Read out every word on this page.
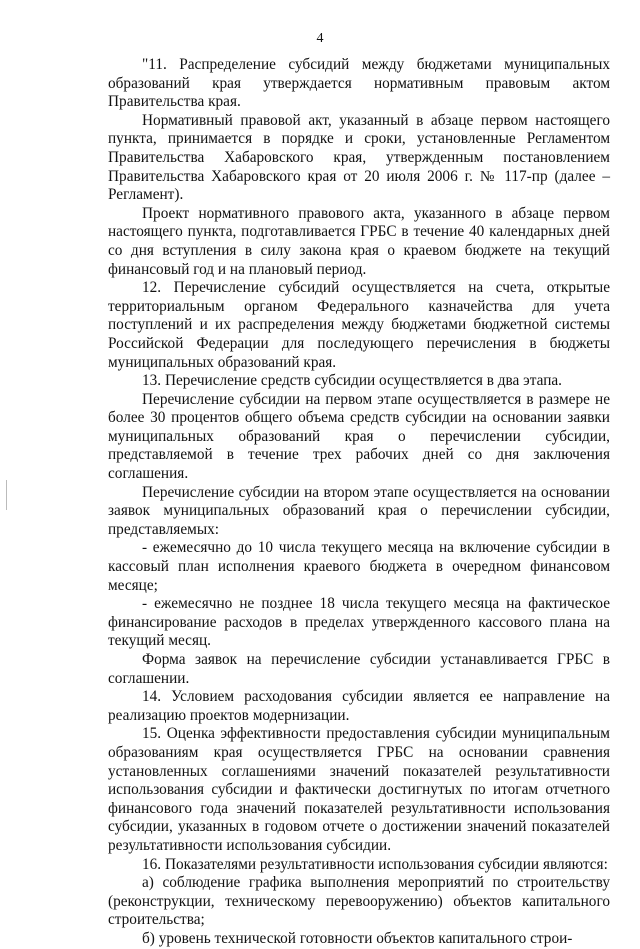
4

"11. Распределение субсидий между бюджетами муниципальных образований края утверждается нормативным правовым актом Правительства края.

Нормативный правовой акт, указанный в абзаце первом настоящего пункта, принимается в порядке и сроки, установленные Регламентом Правительства Хабаровского края, утвержденным постановлением Правительства Хабаровского края от 20 июля 2006 г. № 117-пр (далее – Регламент).

Проект нормативного правового акта, указанного в абзаце первом настоящего пункта, подготавливается ГРБС в течение 40 календарных дней со дня вступления в силу закона края о краевом бюджете на текущий финансовый год и на плановый период.

12. Перечисление субсидий осуществляется на счета, открытые территориальным органом Федерального казначейства для учета поступлений и их распределения между бюджетами бюджетной системы Российской Федерации для последующего перечисления в бюджеты муниципальных образований края.

13. Перечисление средств субсидии осуществляется в два этапа.

Перечисление субсидии на первом этапе осуществляется в размере не более 30 процентов общего объема средств субсидии на основании заявки муниципальных образований края о перечислении субсидии, представляемой в течение трех рабочих дней со дня заключения соглашения.

Перечисление субсидии на втором этапе осуществляется на основании заявок муниципальных образований края о перечислении субсидии, представляемых:

- ежемесячно до 10 числа текущего месяца на включение субсидии в кассовый план исполнения краевого бюджета в очередном финансовом месяце;

- ежемесячно не позднее 18 числа текущего месяца на фактическое финансирование расходов в пределах утвержденного кассового плана на текущий месяц.

Форма заявок на перечисление субсидии устанавливается ГРБС в соглашении.

14. Условием расходования субсидии является ее направление на реализацию проектов модернизации.

15. Оценка эффективности предоставления субсидии муниципальным образованиям края осуществляется ГРБС на основании сравнения установленных соглашениями значений показателей результативности использования субсидии и фактически достигнутых по итогам отчетного финансового года значений показателей результативности использования субсидии, указанных в годовом отчете о достижении значений показателей результативности использования субсидии.

16. Показателями результативности использования субсидии являются:

а) соблюдение графика выполнения мероприятий по строительству (реконструкции, техническому перевооружению) объектов капитального строительства;

б) уровень технической готовности объектов капитального строи-
